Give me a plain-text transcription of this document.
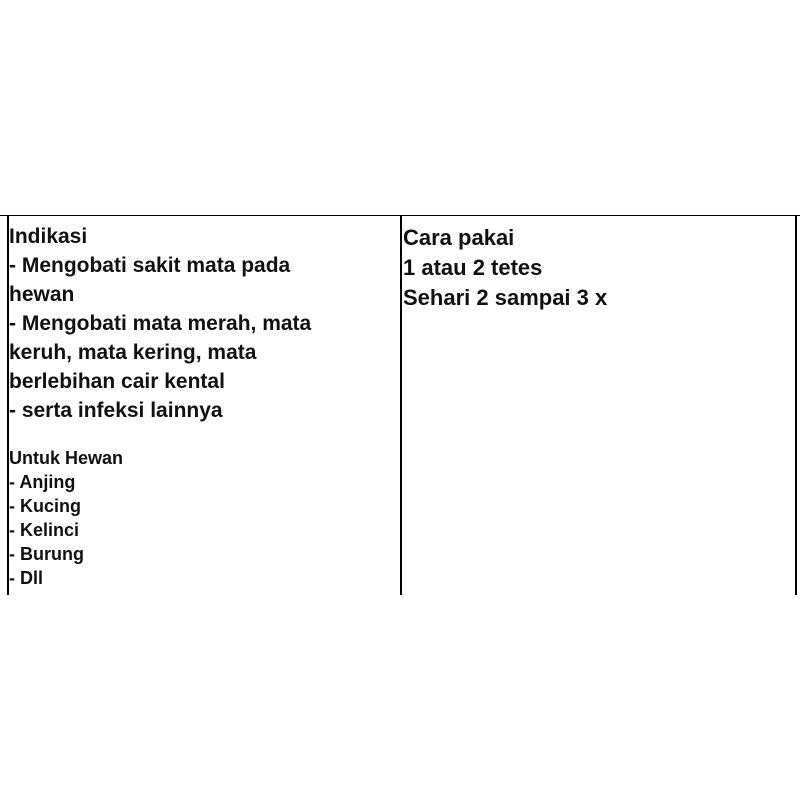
Indikasi

- Mengobati sakit mata pada

hewan

- Mengobati mata merah, mata

keruh, mata kering, mata

berlebihan cair kental

- serta infeksi lainnya

Untuk Hewan

- Anjing

- Kucing

- Kelinci

- Burung

- Dll

Cara pakai

1 atau 2 tetes

Sehari 2 sampai 3 x
